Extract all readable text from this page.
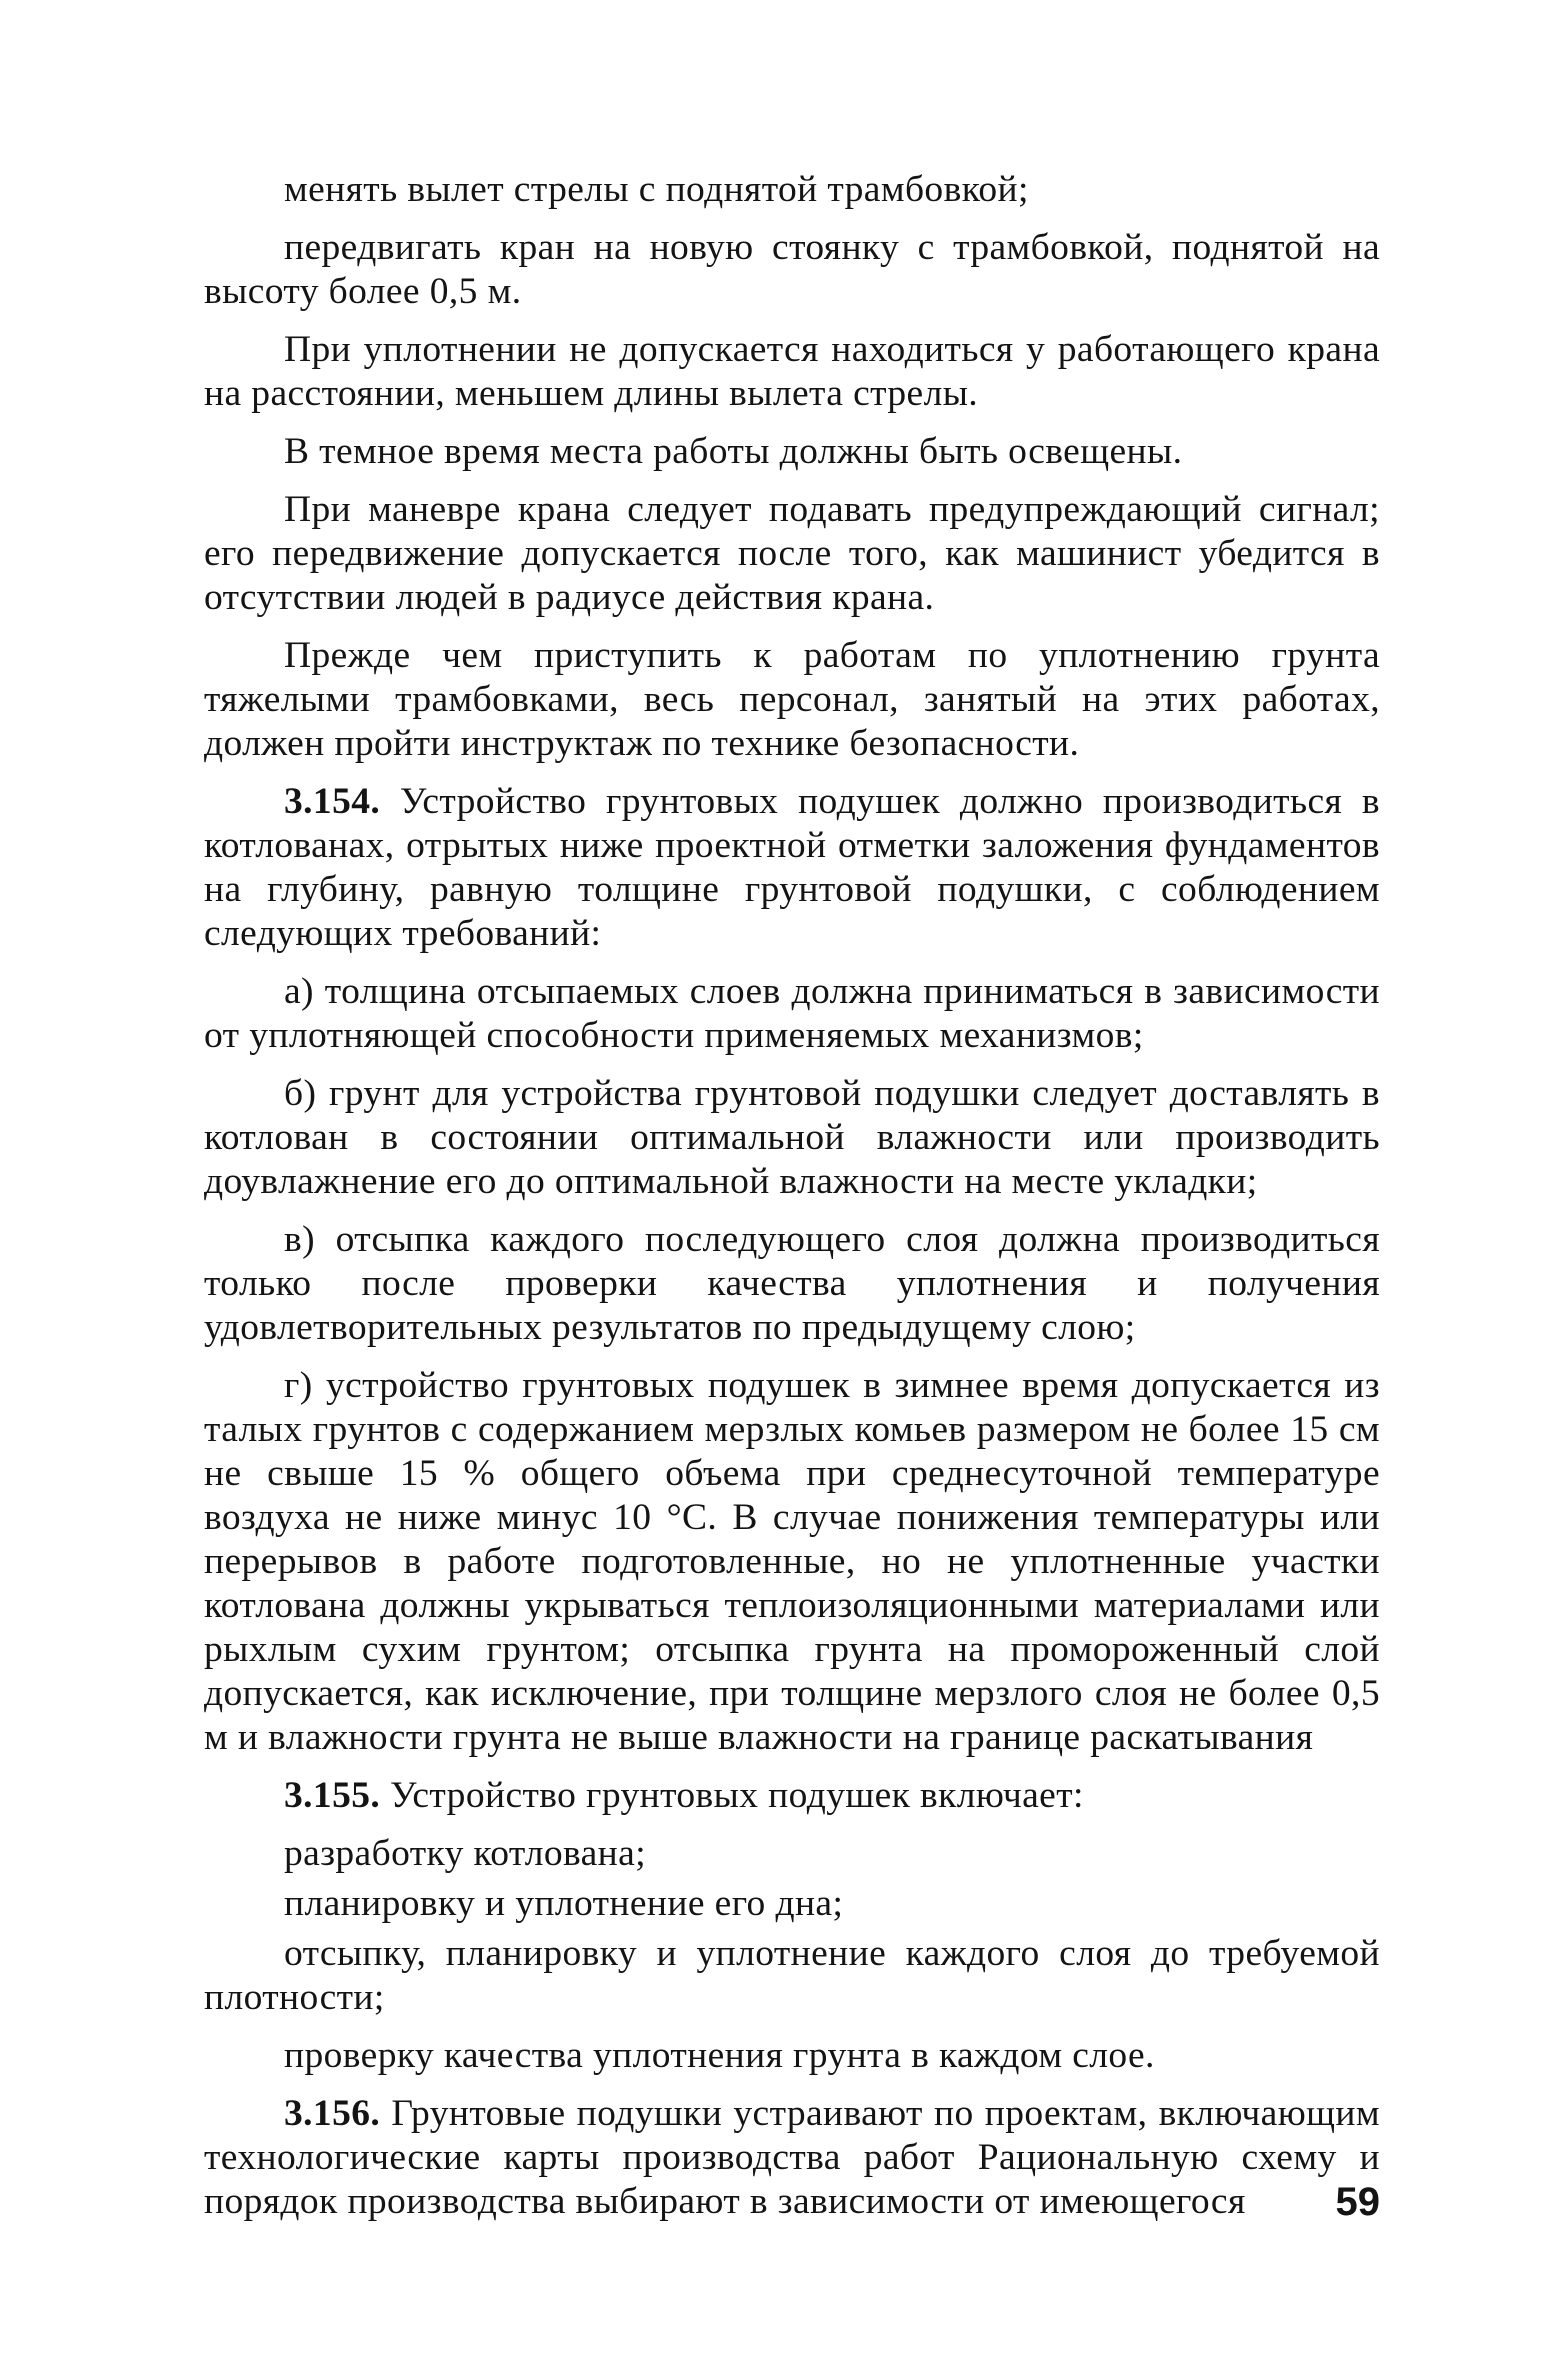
менять вылет стрелы с поднятой трамбовкой;

передвигать кран на новую стоянку с трамбовкой, поднятой на высоту более 0,5 м.

При уплотнении не допускается находиться у работающего крана на расстоянии, меньшем длины вылета стрелы.

В темное время места работы должны быть освещены.

При маневре крана следует подавать предупреждающий сигнал; его передвижение допускается после того, как машинист убедится в отсутствии людей в радиусе действия крана.

Прежде чем приступить к работам по уплотнению грунта тяжелыми трамбовками, весь персонал, занятый на этих работах, должен пройти инструктаж по технике безопасности.

3.154. Устройство грунтовых подушек должно производиться в котлованах, отрытых ниже проектной отметки заложения фундаментов на глубину, равную толщине грунтовой подушки, с соблюдением следующих требований:

а) толщина отсыпаемых слоев должна приниматься в зависимости от уплотняющей способности применяемых механизмов;

б) грунт для устройства грунтовой подушки следует доставлять в котлован в состоянии оптимальной влажности или производить доувлажнение его до оптимальной влажности на месте укладки;

в) отсыпка каждого последующего слоя должна производиться только после проверки качества уплотнения и получения удовлетворительных результатов по предыдущему слою;

г) устройство грунтовых подушек в зимнее время допускается из талых грунтов с содержанием мерзлых комьев размером не более 15 см не свыше 15 % общего объема при среднесуточной температуре воздуха не ниже минус 10 °С. В случае понижения температуры или перерывов в работе подготовленные, но не уплотненные участки котлована должны укрываться теплоизоляционными материалами или рыхлым сухим грунтом; отсыпка грунта на промороженный слой допускается, как исключение, при толщине мерзлого слоя не более 0,5 м и влажности грунта не выше влажности на границе раскатывания

3.155. Устройство грунтовых подушек включает:

разработку котлована;

планировку и уплотнение его дна;

отсыпку, планировку и уплотнение каждого слоя до требуемой плотности;

проверку качества уплотнения грунта в каждом слое.

3.156. Грунтовые подушки устраивают по проектам, включающим технологические карты производства работ Рациональную схему и порядок производства выбирают в зависимости от имеющегося	59
